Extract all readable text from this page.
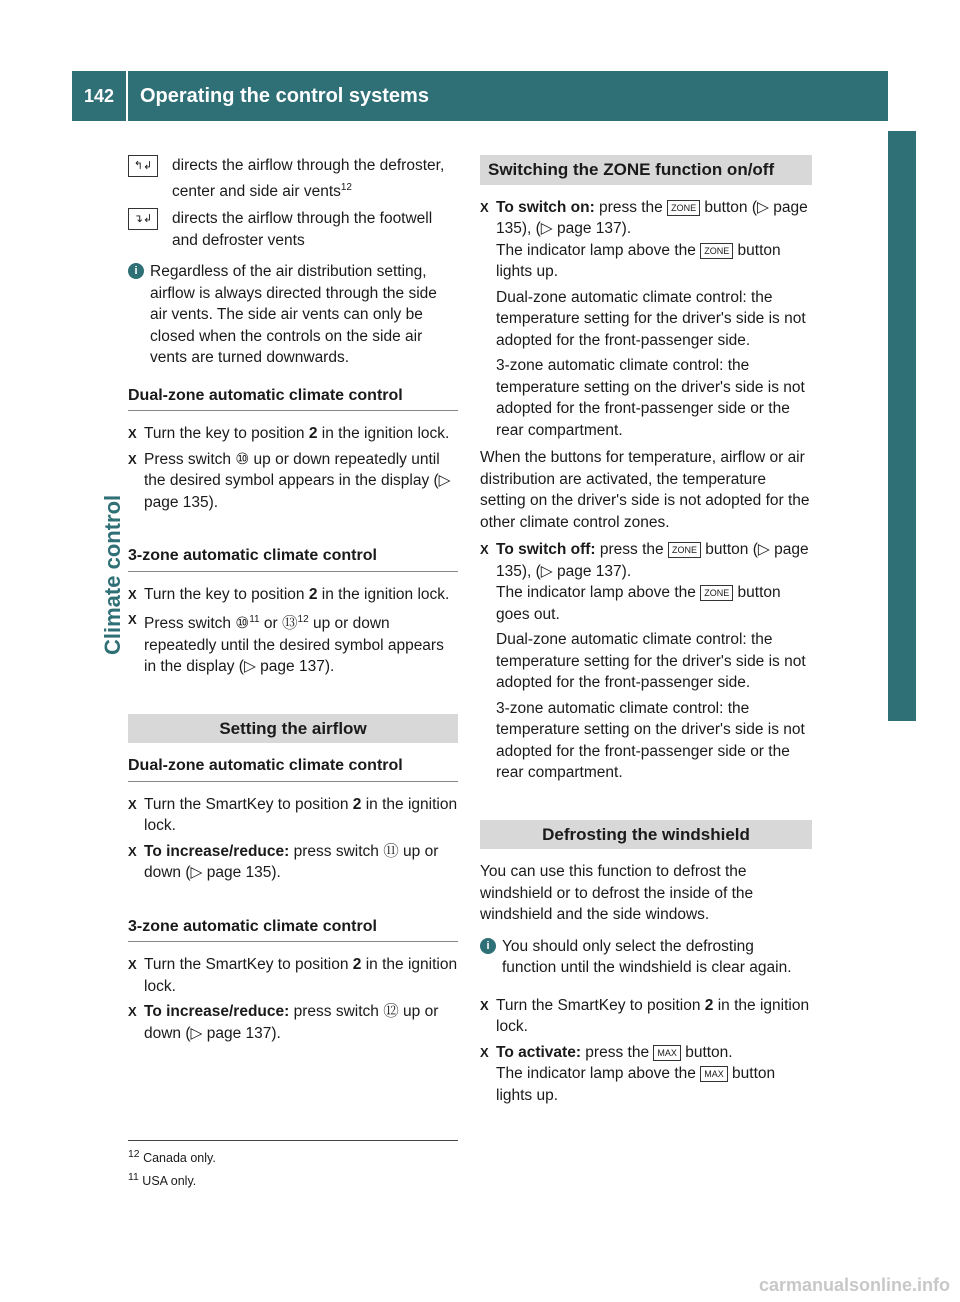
142	Operating the control systems
Climate control
↰↲	directs the airflow through the defroster, center and side air vents$^{12}$
↴↲	directs the airflow through the footwell and defroster vents
i Regardless of the air distribution setting, airflow is always directed through the side air vents. The side air vents can only be closed when the controls on the side air vents are turned downwards.
Dual-zone automatic climate control
X Turn the key to position 2 in the ignition lock.
X Press switch ⑩ up or down repeatedly until the desired symbol appears in the display (▷ page 135).
3-zone automatic climate control
X Turn the key to position 2 in the ignition lock.
X Press switch ⑩$^{11}$ or ⑬$^{12}$ up or down repeatedly until the desired symbol appears in the display (▷ page 137).
Setting the airflow
Dual-zone automatic climate control
X Turn the SmartKey to position 2 in the ignition lock.
X To increase/reduce: press switch ⑪ up or down (▷ page 135).
3-zone automatic climate control
X Turn the SmartKey to position 2 in the ignition lock.
X To increase/reduce: press switch ⑫ up or down (▷ page 137).
Switching the ZONE function on/off
X To switch on: press the ZONE button (▷ page 135), (▷ page 137).
The indicator lamp above the ZONE button lights up.

Dual-zone automatic climate control: the temperature setting for the driver's side is not adopted for the front-passenger side.

3-zone automatic climate control: the temperature setting on the driver's side is not adopted for the front-passenger side or the rear compartment.

When the buttons for temperature, airflow or air distribution are activated, the temperature setting on the driver's side is not adopted for the other climate control zones.

X To switch off: press the ZONE button (▷ page 135), (▷ page 137).
The indicator lamp above the ZONE button goes out.

Dual-zone automatic climate control: the temperature setting for the driver's side is not adopted for the front-passenger side.

3-zone automatic climate control: the temperature setting on the driver's side is not adopted for the front-passenger side or the rear compartment.

Defrosting the windshield

You can use this function to defrost the windshield or to defrost the inside of the windshield and the side windows.

i You should only select the defrosting function until the windshield is clear again.
X Turn the SmartKey to position 2 in the ignition lock.
X To activate: press the MAX button.
The indicator lamp above the MAX button lights up.
$^{12}$ Canada only.
$^{11}$ USA only.
carmanualsonline.info
